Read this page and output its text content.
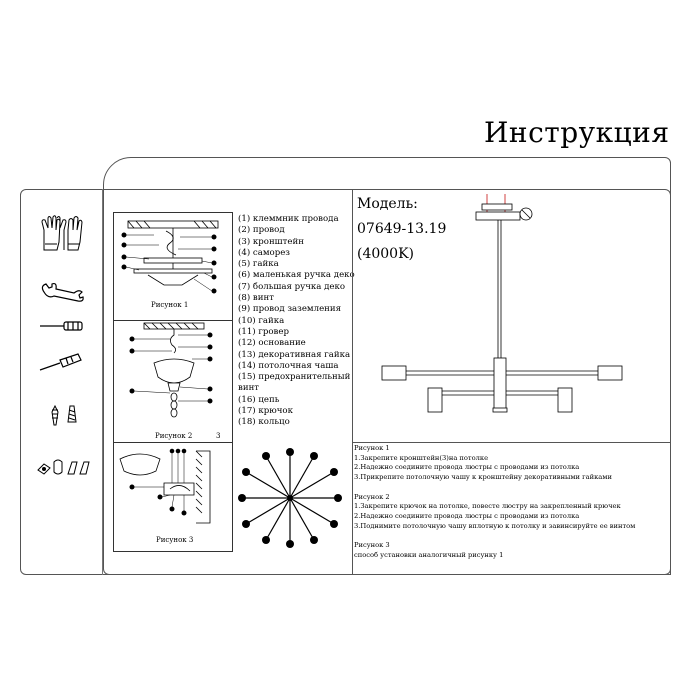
Инструкция
Рисунок 1
Рисунок 2	3
Рисунок 3
(1) клеммник провода
(2) провод
(3) кронштейн
(4) саморез
(5) гайка
(6) маленькая ручка деко
(7) большая ручка деко
(8) винт
(9) провод заземления
(10) гайка
(11) гровер
(12) основание
(13) декоративная гайка
(14) потолочная чаша
(15) предохранительный
винт
(16) цепь
(17) крючок
(18) кольцо
Модель:
07649-13.19
(4000K)
Рисунок 1
1.Закрепите кронштейн(3)на потолке
2.Надежно соедините провода люстры с проводами из потолка
3.Прикрепите потолочную чашу к кронштейну декоративными гайками
Рисунок 2
1.Закрепите крючок на потолке, повесте люстру на закрепленный крючек
2.Надежно соедините провода люстры с проводами из потолка
3.Поднимите потолочную чашу вплотную к потолку и завинсируйте ее винтом
Рисунок 3
способ установки аналогичный рисунку 1
